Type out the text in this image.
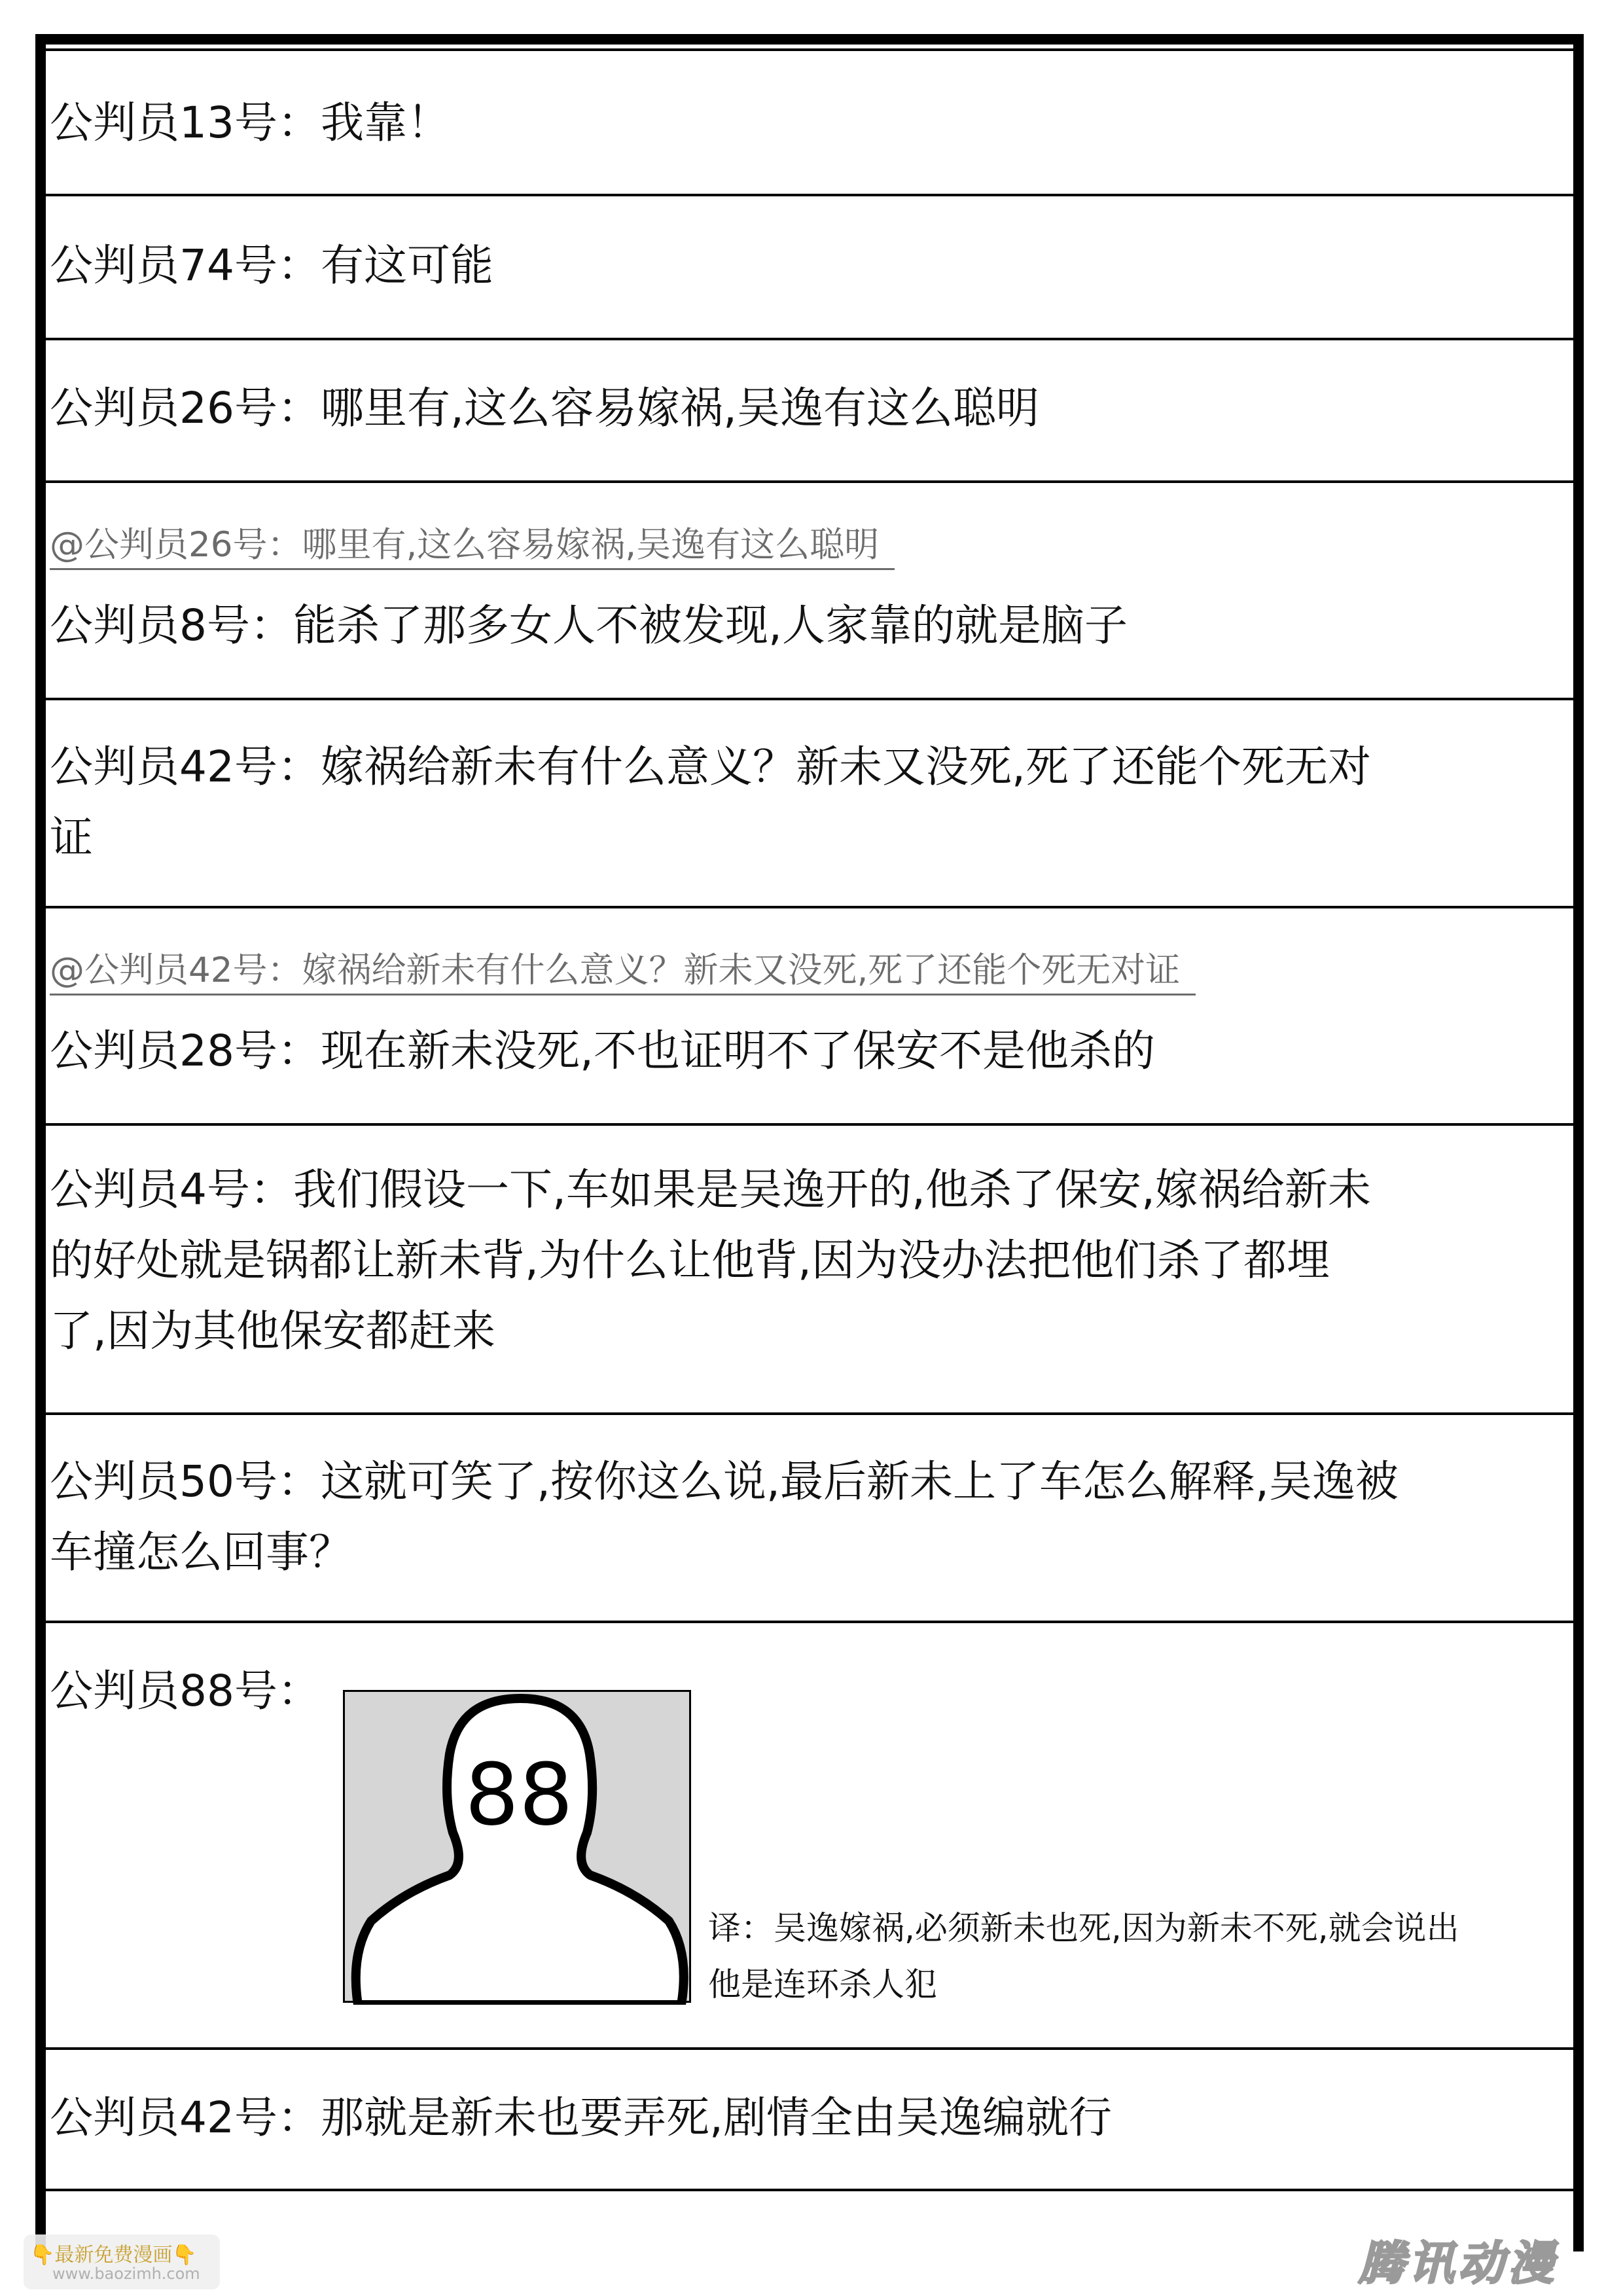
公判员13号：我靠！
公判员74号：有这可能
公判员26号：哪里有,这么容易嫁祸,吴逸有这么聪明
@公判员26号：哪里有,这么容易嫁祸,吴逸有这么聪明
公判员8号：能杀了那多女人不被发现,人家靠的就是脑子
公判员42号：嫁祸给新未有什么意义？新未又没死,死了还能个死无对
证
@公判员42号：嫁祸给新未有什么意义？新未又没死,死了还能个死无对证
公判员28号：现在新未没死,不也证明不了保安不是他杀的
公判员4号：我们假设一下,车如果是吴逸开的,他杀了保安,嫁祸给新未
的好处就是锅都让新未背,为什么让他背,因为没办法把他们杀了都埋
了,因为其他保安都赶来
公判员50号：这就可笑了,按你这么说,最后新未上了车怎么解释,吴逸被
车撞怎么回事？
公判员88号：
88
译：吴逸嫁祸,必须新未也死,因为新未不死,就会说出
他是连环杀人犯
公判员42号：那就是新未也要弄死,剧情全由吴逸编就行
👇最新免费漫画👇
www.baozimh.com	腾讯动漫
